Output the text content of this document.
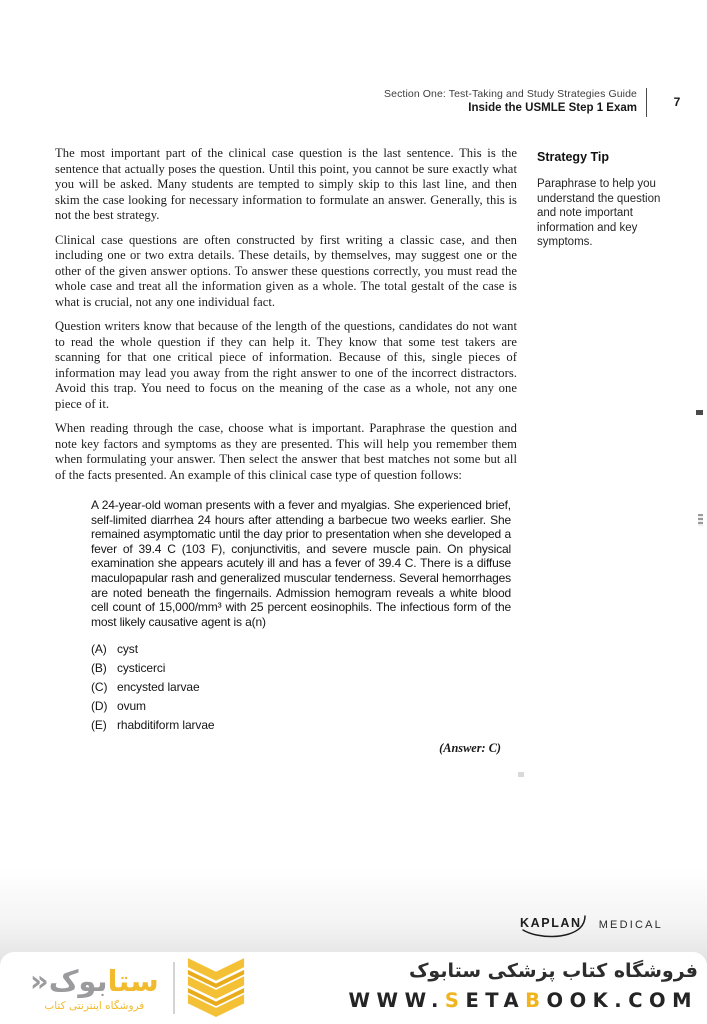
Section One: Test-Taking and Study Strategies Guide
Inside the USMLE Step 1 Exam	7
Strategy Tip
Paraphrase to help you understand the question and note important information and key symptoms.

The most important part of the clinical case question is the last sentence. This is the sentence that actually poses the question. Until this point, you cannot be sure exactly what you will be asked. Many students are tempted to simply skip to this last line, and then skim the case looking for necessary information to formulate an answer. Generally, this is not the best strategy.

Clinical case questions are often constructed by first writing a classic case, and then including one or two extra details. These details, by themselves, may suggest one or the other of the given answer options. To answer these questions correctly, you must read the whole case and treat all the information given as a whole. The total gestalt of the case is what is crucial, not any one individual fact.

Question writers know that because of the length of the questions, candidates do not want to read the whole question if they can help it. They know that some test takers are scanning for that one critical piece of information. Because of this, single pieces of information may lead you away from the right answer to one of the incorrect distractors. Avoid this trap. You need to focus on the meaning of the case as a whole, not any one piece of it.

When reading through the case, choose what is important. Paraphrase the question and note key factors and symptoms as they are presented. This will help you remember them when formulating your answer. Then select the answer that best matches not some but all of the facts presented. An example of this clinical case type of question follows:

A 24-year-old woman presents with a fever and myalgias. She experienced brief, self-limited diarrhea 24 hours after attending a barbecue two weeks earlier. She remained asymptomatic until the day prior to presentation when she developed a fever of 39.4 C (103 F), conjunctivitis, and severe muscle pain. On physical examination she appears acutely ill and has a fever of 39.4 C. There is a diffuse maculopapular rash and generalized muscular tenderness. Several hemorrhages are noted beneath the fingernails. Admission hemogram reveals a white blood cell count of 15,000/mm³ with 25 percent eosinophils. The infectious form of the most likely causative agent is a(n)
(A) cyst
(B) cysticerci
(C) encysted larvae
(D) ovum
(E) rhabditiform larvae
(Answer: C)
KAPLAN MEDICAL
ستابوک«
فروشگاه اینترنتی کتاب
فروشگاه کتاب پزشکی ستابوک
WWW.SETABOOK.COM
